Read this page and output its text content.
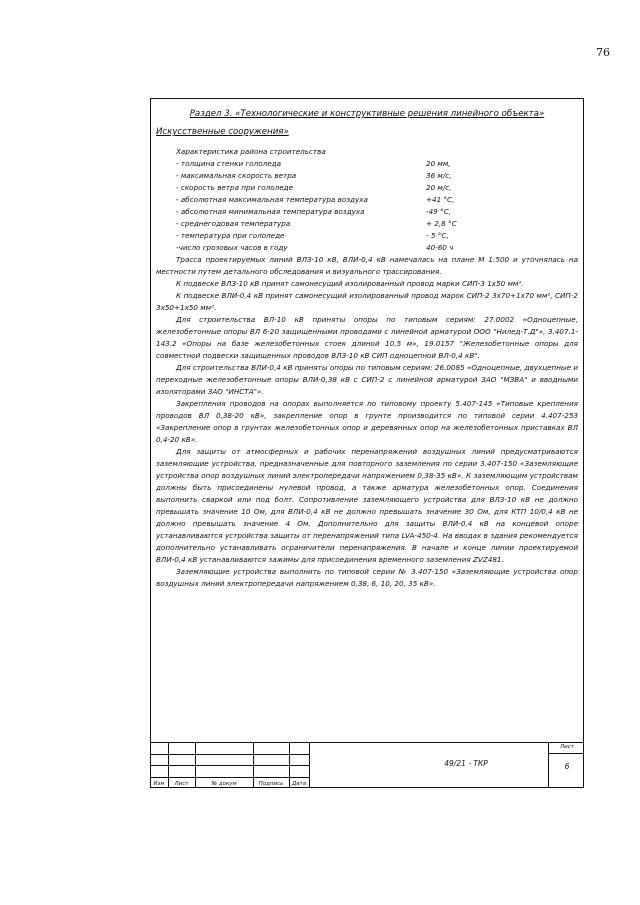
76
Раздел 3. «Технологические и конструктивные решения линейного объекта»
Искусственные сооружения»
Характеристика района строительства
- толщина стенки гололеда	20 мм,
- максимальная скорость ветра	36 м/с,
- скорость ветра при гололеде	20 м/с,
- абсолютная максимальная температура воздуха	+41 °С,
- абсолютная минимальная температура воздуха	-49 °С,
- среднегодовая температура	+ 2,8 °С
- температура при гололеде	- 5 °С,
-число грозовых часов в году	40-60 ч

Трасса проектируемых линий ВЛЗ-10 кВ, ВЛИ-0,4 кВ намечалась на плане М 1:500 и уточнялась на местности путем детального обследования и визуального трассирования.

К подвеске ВЛЗ-10 кВ принят самонесущий изолированный провод марки СИП-3 1х50 мм².

К подвеске ВЛИ-0,4 кВ принят самонесущий изолированный провод марок СИП-2 3х70+1х70 мм², СИП-2 3х50+1х50 мм².

Для строительства ВЛ-10 кВ приняты опоры по типовым сериям: 27.0002 «Одноцепные, железобетонные опоры ВЛ 6-20 защищенными проводами с линейной арматурой ООО "Нилед-Т.Д"», 3.407.1-143.2 «Опоры на базе железобетонных стоек длиной 10,5 м», 19.0157 "Железобетонные опоры для совместной подвески защищенных проводов ВЛЗ-10 кВ СИП одноцепной ВЛ-0,4 кВ".

Для строительства ВЛИ-0,4 кВ приняты опоры по типовым сериям: 26.0085 «Одноцепные, двухцепные и переходные железобетонные опоры ВЛИ-0,38 кВ с СИП-2 с линейной арматурой ЗАО "МЗВА" и вводными изоляторами ЗАО "ИНСТА"».

Закрепления проводов на опорах выполняется по типовому проекту 5.407-145 «Типовые крепления проводов ВЛ 0,38-20 кВ», закрепление опор в грунте производится по типовой серии 4.407-253 «Закрепление опор в грунтах железобетонных опор и деревянных опор на железобетонных приставках ВЛ 0,4-20 кВ».

Для защиты от атмосферных и рабочих перенапряжений воздушных линий предусматриваются заземляющие устройства, предназначенные для повторного заземления по серии 3.407-150 «Заземляющие устройства опор воздушных линий электропередачи напряжением 0,38-35 кВ». К заземляющим устройствам должны быть присоединены нулевой провод, а также арматура железобетонных опор. Соединения выполнить сваркой или под болт. Сопротивление заземляющего устройства для ВЛЗ-10 кВ не должно превышать значение 10 Ом, для ВЛИ-0,4 кВ не должно превышать значение 30 Ом, для КТП 10/0,4 кВ не должно превышать значение 4 Ом. Дополнительно для защиты ВЛИ-0,4 кВ на концевой опоре устанавливаются устройства защиты от перенапряжений типа LVA-450-4. На вводах в здания рекомендуется дополнительно устанавливать ограничители перенапряжения. В начале и конце линии проектируемой ВЛИ-0,4 кВ устанавливаются зажимы для присоединения временного заземления ZVZ481.

Заземляющие устройства выполнить по типовой серии № 3.407-150 «Заземляющие устройства опор воздушных линий электропередачи напряжением 0,38, 6, 10, 20, 35 кВ».

Изм	Лист	№ докум	Подпись	Дата
49/21 - ТКР
Лист
6
